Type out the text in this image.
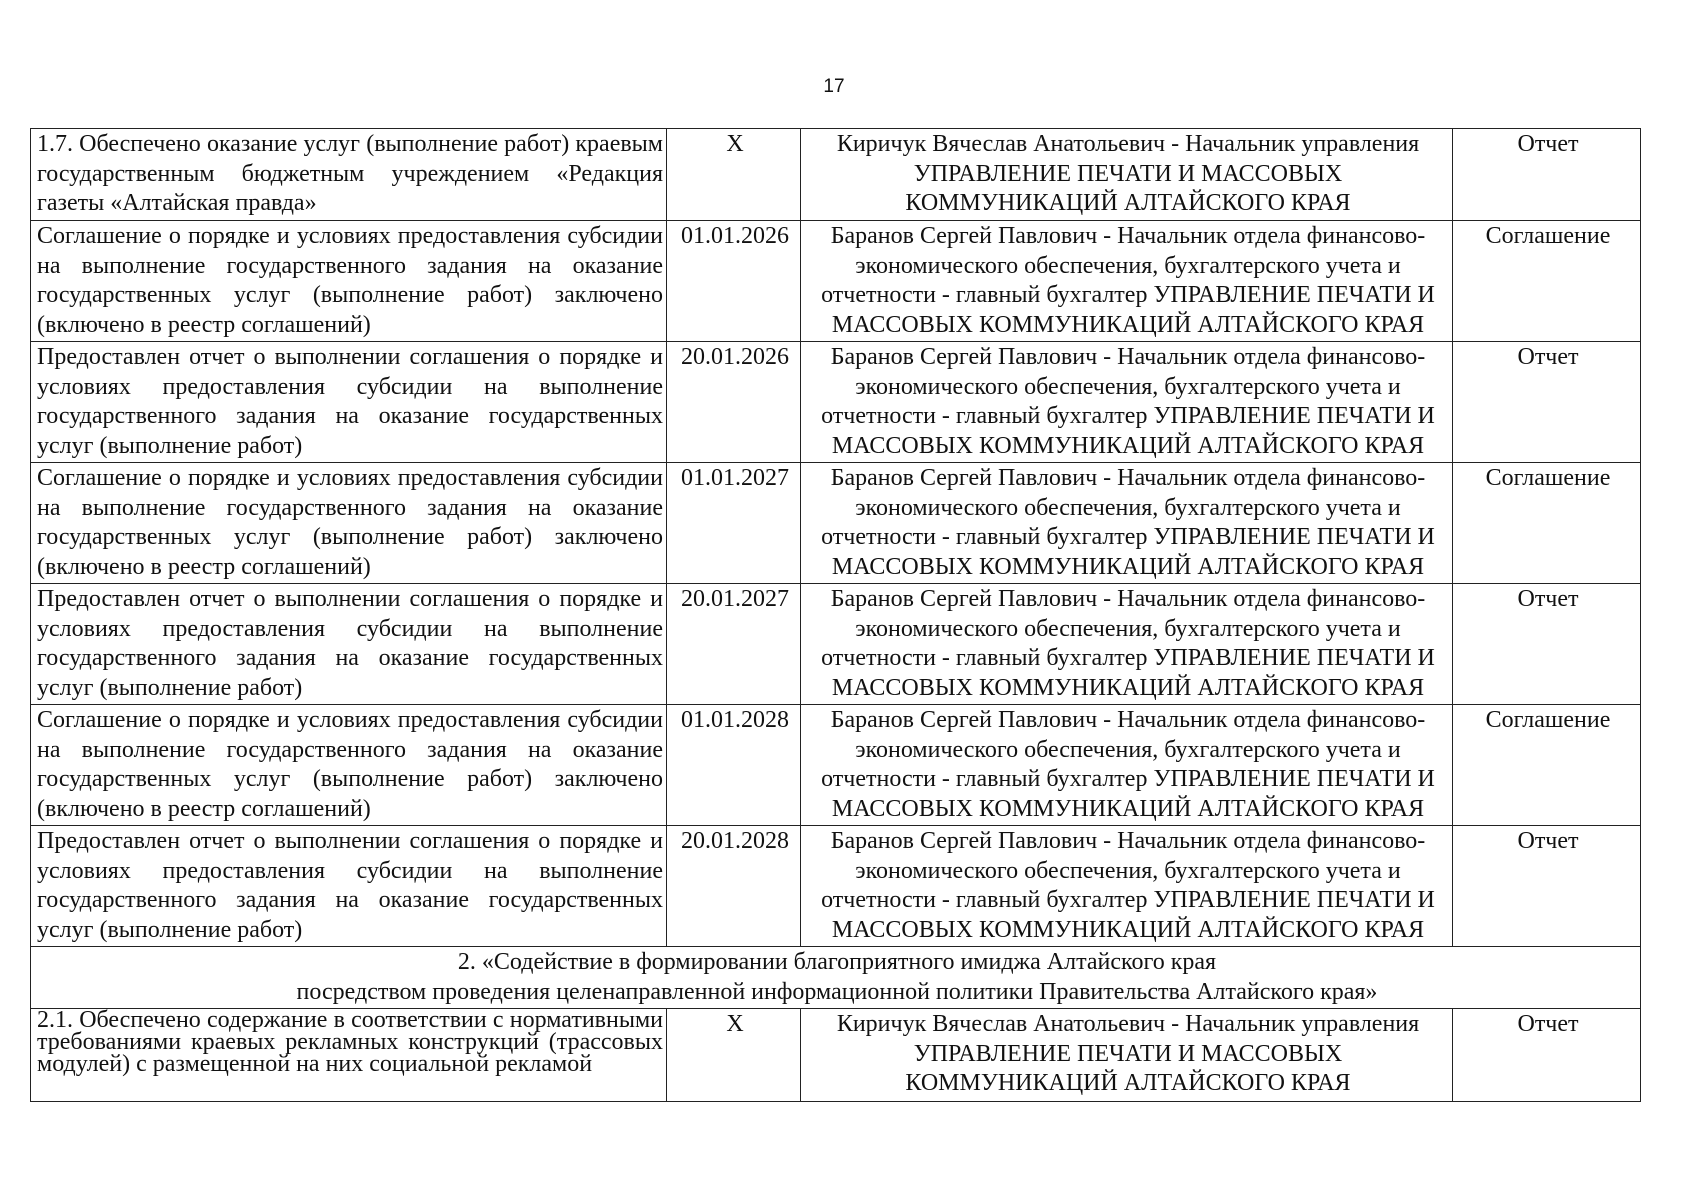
17
1.7. Обеспечено оказание услуг (выполнение работ) краевым государственным бюджетным учреждением «Редакция газеты «Алтайская правда»	X	Киричук Вячеслав Анатольевич - Начальник управления УПРАВЛЕНИЕ ПЕЧАТИ И МАССОВЫХ КОММУНИКАЦИЙ АЛТАЙСКОГО КРАЯ	Отчет
Соглашение о порядке и условиях предоставления субсидии на выполнение государственного задания на оказание государственных услуг (выполнение работ) заключено (включено в реестр соглашений)	01.01.2026	Баранов Сергей Павлович - Начальник отдела финансово-экономического обеспечения, бухгалтерского учета и отчетности - главный бухгалтер УПРАВЛЕНИЕ ПЕЧАТИ И МАССОВЫХ КОММУНИКАЦИЙ АЛТАЙСКОГО КРАЯ	Соглашение
Предоставлен отчет о выполнении соглашения о порядке и условиях предоставления субсидии на выполнение государственного задания на оказание государственных услуг (выполнение работ)	20.01.2026	Баранов Сергей Павлович - Начальник отдела финансово-экономического обеспечения, бухгалтерского учета и отчетности - главный бухгалтер УПРАВЛЕНИЕ ПЕЧАТИ И МАССОВЫХ КОММУНИКАЦИЙ АЛТАЙСКОГО КРАЯ	Отчет
Соглашение о порядке и условиях предоставления субсидии на выполнение государственного задания на оказание государственных услуг (выполнение работ) заключено (включено в реестр соглашений)	01.01.2027	Баранов Сергей Павлович - Начальник отдела финансово-экономического обеспечения, бухгалтерского учета и отчетности - главный бухгалтер УПРАВЛЕНИЕ ПЕЧАТИ И МАССОВЫХ КОММУНИКАЦИЙ АЛТАЙСКОГО КРАЯ	Соглашение
Предоставлен отчет о выполнении соглашения о порядке и условиях предоставления субсидии на выполнение государственного задания на оказание государственных услуг (выполнение работ)	20.01.2027	Баранов Сергей Павлович - Начальник отдела финансово-экономического обеспечения, бухгалтерского учета и отчетности - главный бухгалтер УПРАВЛЕНИЕ ПЕЧАТИ И МАССОВЫХ КОММУНИКАЦИЙ АЛТАЙСКОГО КРАЯ	Отчет
Соглашение о порядке и условиях предоставления субсидии на выполнение государственного задания на оказание государственных услуг (выполнение работ) заключено (включено в реестр соглашений)	01.01.2028	Баранов Сергей Павлович - Начальник отдела финансово-экономического обеспечения, бухгалтерского учета и отчетности - главный бухгалтер УПРАВЛЕНИЕ ПЕЧАТИ И МАССОВЫХ КОММУНИКАЦИЙ АЛТАЙСКОГО КРАЯ	Соглашение
Предоставлен отчет о выполнении соглашения о порядке и условиях предоставления субсидии на выполнение государственного задания на оказание государственных услуг (выполнение работ)	20.01.2028	Баранов Сергей Павлович - Начальник отдела финансово-экономического обеспечения, бухгалтерского учета и отчетности - главный бухгалтер УПРАВЛЕНИЕ ПЕЧАТИ И МАССОВЫХ КОММУНИКАЦИЙ АЛТАЙСКОГО КРАЯ	Отчет

2. «Содействие в формировании благоприятного имиджа Алтайского края
посредством проведения целенаправленной информационной политики Правительства Алтайского края»			

2.1. Обеспечено содержание в соответствии с нормативными требованиями краевых рекламных конструкций (трассовых модулей) с размещенной на них социальной рекламой	X	Киричук Вячеслав Анатольевич - Начальник управления УПРАВЛЕНИЕ ПЕЧАТИ И МАССОВЫХ КОММУНИКАЦИЙ АЛТАЙСКОГО КРАЯ	Отчет
